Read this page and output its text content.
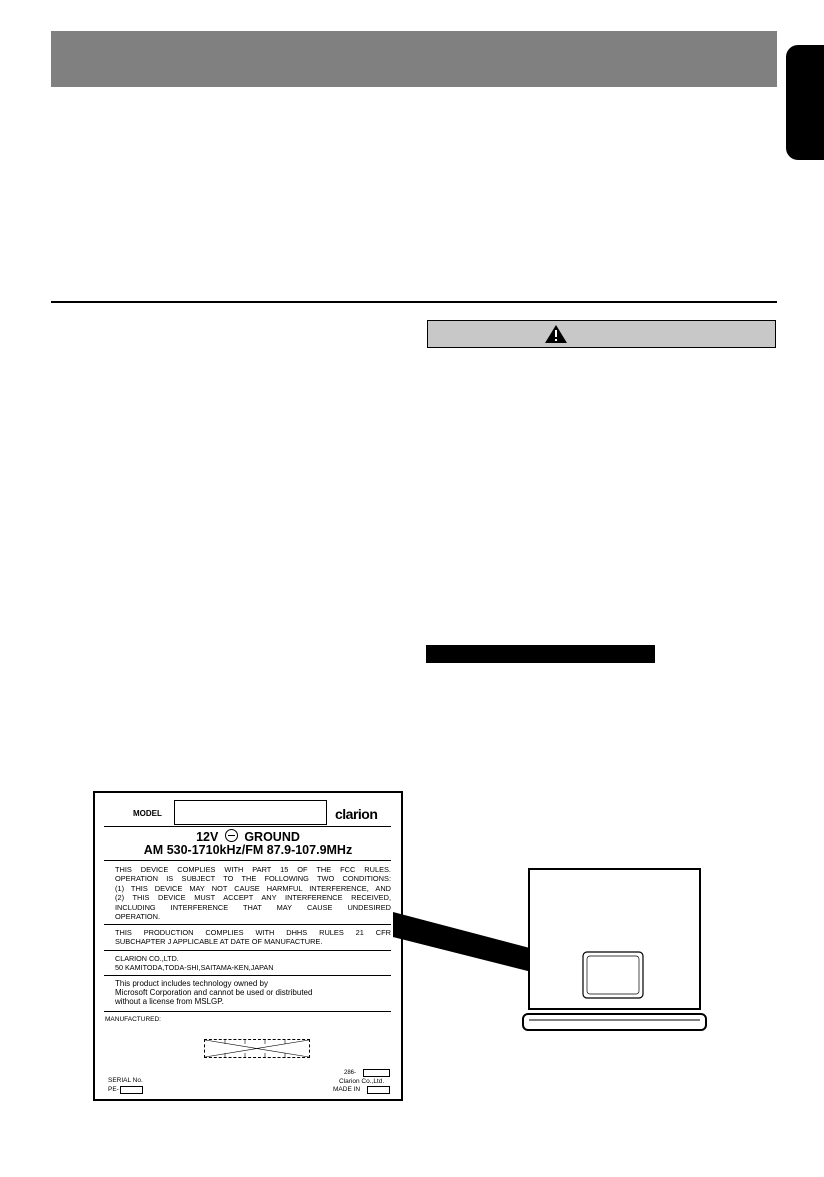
MODEL	clarion
12V GROUND
AM 530-1710kHz/FM 87.9-107.9MHz
THIS DEVICE COMPLIES WITH PART 15 OF THE FCC RULES.
OPERATION IS SUBJECT TO THE FOLLOWING TWO CONDITIONS:
(1) THIS DEVICE MAY NOT CAUSE HARMFUL INTERFERENCE, AND
(2) THIS DEVICE MUST ACCEPT ANY INTERFERENCE RECEIVED,
INCLUDING INTERFERENCE THAT MAY CAUSE UNDESIRED
OPERATION.
THIS PRODUCTION COMPLIES WITH DHHS RULES 21 CFR
SUBCHAPTER J APPLICABLE AT DATE OF MANUFACTURE.
CLARION CO.,LTD.
50 KAMITODA,TODA-SHI,SAITAMA-KEN,JAPAN
This product includes technology owned by
Microsoft Corporation and cannot be used or distributed
without a license from MSLGP.
MANUFACTURED:
286-
SERIAL No.
PE-
Clarion Co.,Ltd.
MADE IN
